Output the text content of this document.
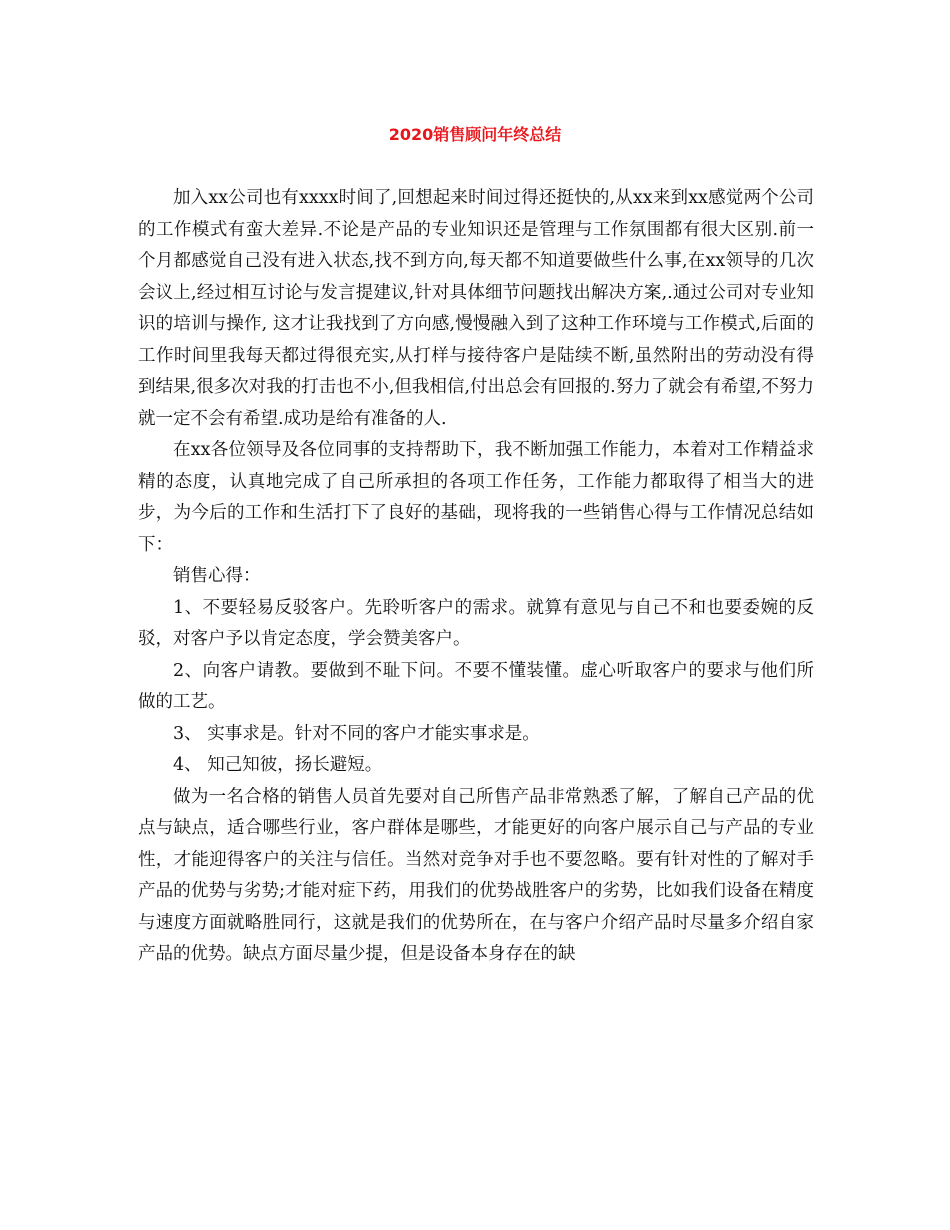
2020销售顾问年终总结

加入xx公司也有xxxx时间了,回想起来时间过得还挺快的,从xx来到xx感觉两个公司的工作模式有蛮大差异.不论是产品的专业知识还是管理与工作氛围都有很大区别.前一个月都感觉自己没有进入状态,找不到方向,每天都不知道要做些什么事,在xx领导的几次会议上,经过相互讨论与发言提建议,针对具体细节问题找出解决方案,.通过公司对专业知识的培训与操作, 这才让我找到了方向感,慢慢融入到了这种工作环境与工作模式,后面的工作时间里我每天都过得很充实,从打样与接待客户是陆续不断,虽然附出的劳动没有得到结果,很多次对我的打击也不小,但我相信,付出总会有回报的.努力了就会有希望,不努力就一定不会有希望.成功是给有准备的人.

在xx各位领导及各位同事的支持帮助下，我不断加强工作能力，本着对工作精益求精的态度，认真地完成了自己所承担的各项工作任务，工作能力都取得了相当大的进步，为今后的工作和生活打下了良好的基础，现将我的一些销售心得与工作情况总结如下：

销售心得：

1、不要轻易反驳客户。先聆听客户的需求。就算有意见与自己不和也要委婉的反驳，对客户予以肯定态度，学会赞美客户。

2、向客户请教。要做到不耻下问。不要不懂装懂。虚心听取客户的要求与他们所做的工艺。

3、 实事求是。针对不同的客户才能实事求是。

4、 知己知彼，扬长避短。

做为一名合格的销售人员首先要对自己所售产品非常熟悉了解，了解自己产品的优点与缺点，适合哪些行业，客户群体是哪些，才能更好的向客户展示自己与产品的专业性，才能迎得客户的关注与信任。当然对竞争对手也不要忽略。要有针对性的了解对手产品的优势与劣势;才能对症下药，用我们的优势战胜客户的劣势，比如我们设备在精度与速度方面就略胜同行，这就是我们的优势所在，在与客户介绍产品时尽量多介绍自家产品的优势。缺点方面尽量少提，但是设备本身存在的缺
